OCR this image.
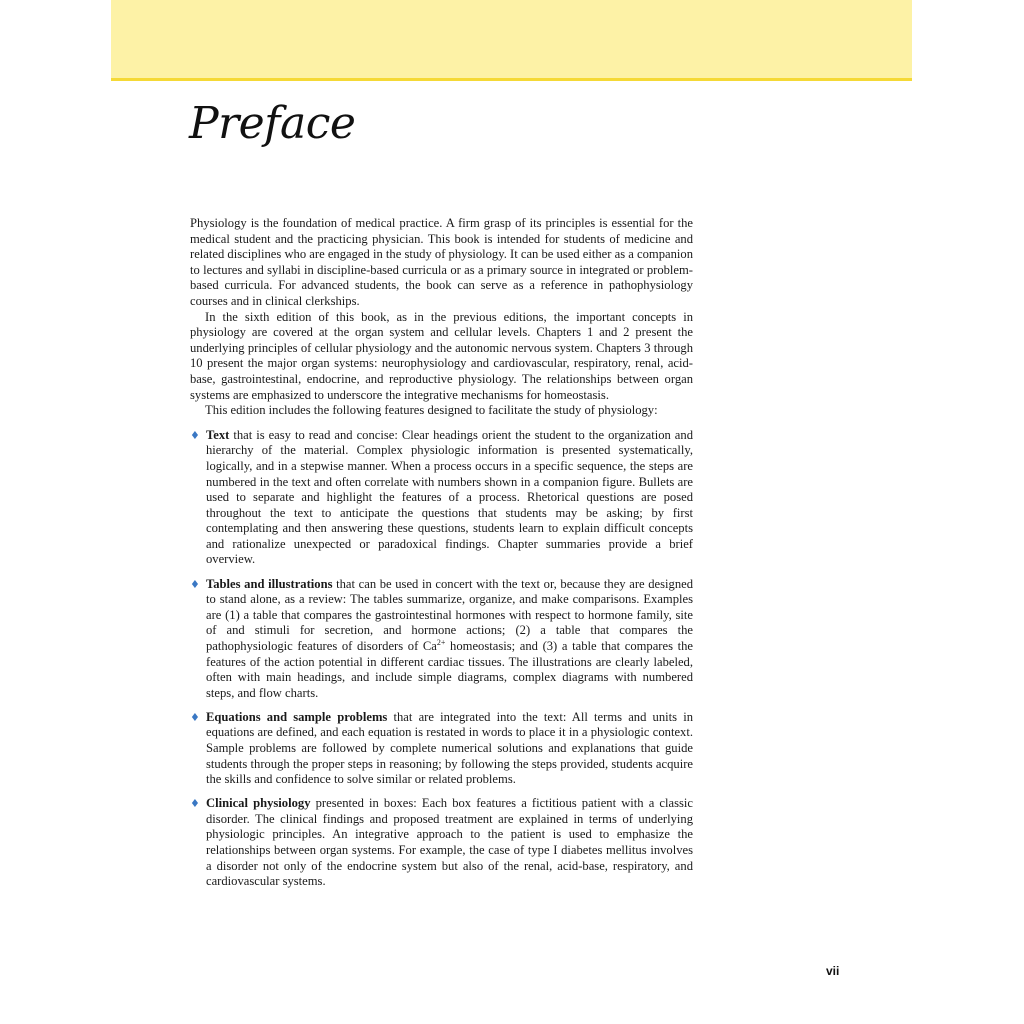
Preface

Physiology is the foundation of medical practice. A firm grasp of its principles is essential for the medical student and the practicing physician. This book is intended for students of medicine and related disciplines who are engaged in the study of physiology. It can be used either as a companion to lectures and syllabi in discipline-based curricula or as a primary source in integrated or problem-based curricula. For advanced students, the book can serve as a reference in pathophysiology courses and in clinical clerkships.

In the sixth edition of this book, as in the previous editions, the important concepts in physiology are covered at the organ system and cellular levels. Chapters 1 and 2 present the underlying principles of cellular physiology and the autonomic nervous system. Chapters 3 through 10 present the major organ systems: neurophysiology and cardiovascular, respiratory, renal, acid-base, gastrointestinal, endocrine, and reproductive physiology. The relationships between organ systems are emphasized to underscore the integrative mechanisms for homeostasis.

This edition includes the following features designed to facilitate the study of physiology:

♦ Text that is easy to read and concise: Clear headings orient the student to the organization and hierarchy of the material. Complex physiologic information is presented systematically, logically, and in a stepwise manner. When a process occurs in a specific sequence, the steps are numbered in the text and often correlate with numbers shown in a companion figure. Bullets are used to separate and highlight the features of a process. Rhetorical questions are posed throughout the text to anticipate the questions that students may be asking; by first contemplating and then answering these questions, students learn to explain difficult concepts and rationalize unexpected or paradoxical findings. Chapter summaries provide a brief overview.
♦ Tables and illustrations that can be used in concert with the text or, because they are designed to stand alone, as a review: The tables summarize, organize, and make comparisons. Examples are (1) a table that compares the gastrointestinal hormones with respect to hormone family, site of and stimuli for secretion, and hormone actions; (2) a table that compares the pathophysiologic features of disorders of $Ca^{2+}$ homeostasis; and (3) a table that compares the features of the action potential in different cardiac tissues. The illustrations are clearly labeled, often with main headings, and include simple diagrams, complex diagrams with numbered steps, and flow charts.
♦ Equations and sample problems that are integrated into the text: All terms and units in equations are defined, and each equation is restated in words to place it in a physiologic context. Sample problems are followed by complete numerical solutions and explanations that guide students through the proper steps in reasoning; by following the steps provided, students acquire the skills and confidence to solve similar or related problems.
♦ Clinical physiology presented in boxes: Each box features a fictitious patient with a classic disorder. The clinical findings and proposed treatment are explained in terms of underlying physiologic principles. An integrative approach to the patient is used to emphasize the relationships between organ systems. For example, the case of type I diabetes mellitus involves a disorder not only of the endocrine system but also of the renal, acid-base, respiratory, and cardiovascular systems.
vii
